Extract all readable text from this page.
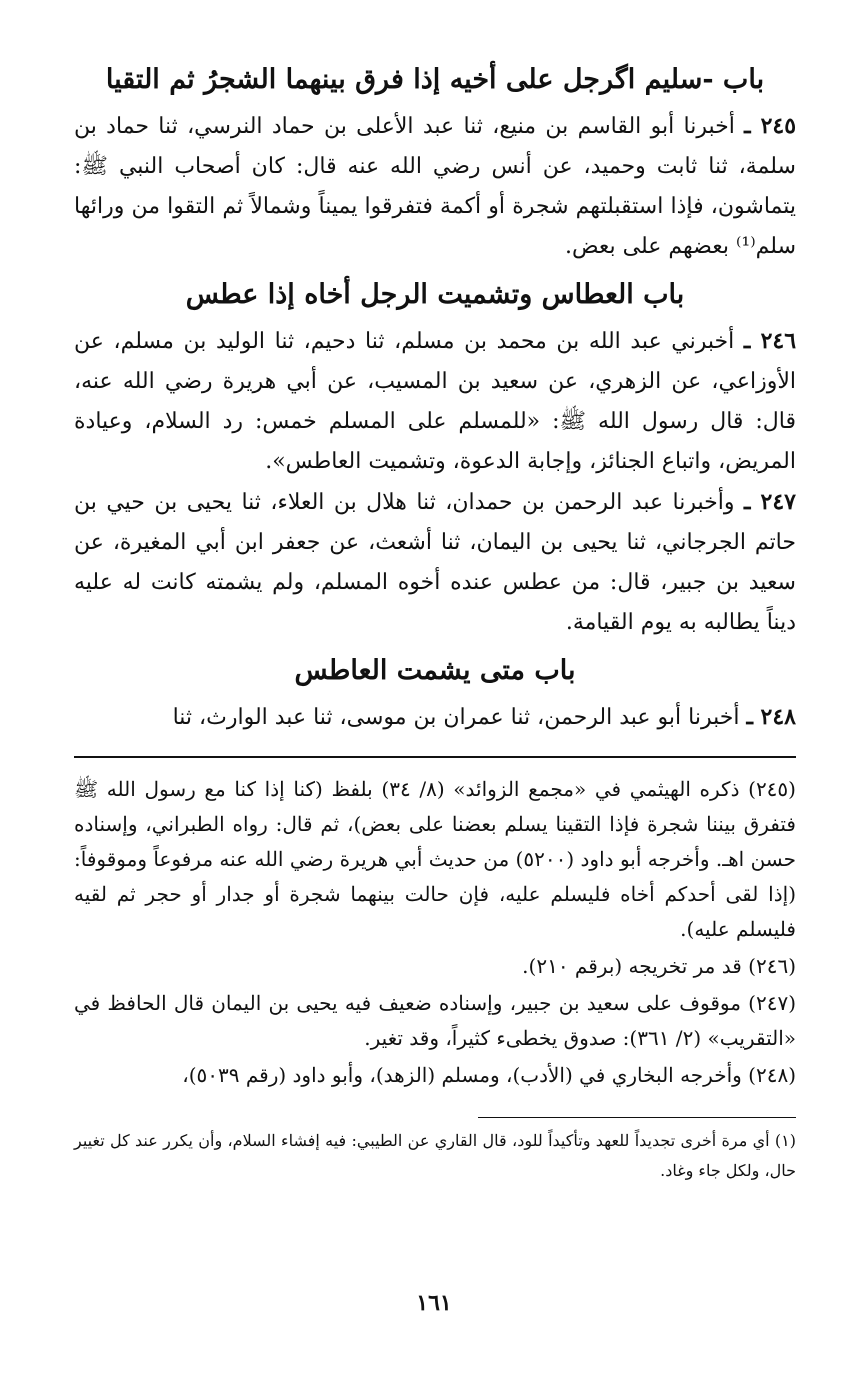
باب -سليم اگرجل على أخيه إذا فرق بينهما الشجرُ ثم التقيا

٢٤٥ ـ أخبرنا أبو القاسم بن منيع، ثنا عبد الأعلى بن حماد النرسي، ثنا حماد بن سلمة، ثنا ثابت وحميد، عن أنس رضي الله عنه قال: كان أصحاب النبي ﷺ: يتماشون، فإذا استقبلتهم شجرة أو أكمة فتفرقوا يميناً وشمالاً ثم التقوا من ورائها سلم⁽¹⁾ بعضهم على بعض.

باب العطاس وتشميت الرجل أخاه إذا عطس

٢٤٦ ـ أخبرني عبد الله بن محمد بن مسلم، ثنا دحيم، ثنا الوليد بن مسلم، عن الأوزاعي، عن الزهري، عن سعيد بن المسيب، عن أبي هريرة رضي الله عنه، قال: قال رسول الله ﷺ: «للمسلم على المسلم خمس: رد السلام، وعيادة المريض، واتباع الجنائز، وإجابة الدعوة، وتشميت العاطس».

٢٤٧ ـ وأخبرنا عبد الرحمن بن حمدان، ثنا هلال بن العلاء، ثنا يحيى بن حيي بن حاتم الجرجاني، ثنا يحيى بن اليمان، ثنا أشعث، عن جعفر ابن أبي المغيرة، عن سعيد بن جبير، قال: من عطس عنده أخوه المسلم، ولم يشمته كانت له عليه ديناً يطالبه به يوم القيامة.

باب متى يشمت العاطس

٢٤٨ ـ أخبرنا أبو عبد الرحمن، ثنا عمران بن موسى، ثنا عبد الوارث، ثنا

(٢٤٥) ذكره الهيثمي في «مجمع الزوائد» (٨/ ٣٤) بلفظ (كنا إذا كنا مع رسول الله ﷺ فتفرق بيننا شجرة فإذا التقينا يسلم بعضنا على بعض)، ثم قال: رواه الطبراني، وإسناده حسن اهـ. وأخرجه أبو داود (٥٢٠٠) من حديث أبي هريرة رضي الله عنه مرفوعاً وموقوفاً: (إذا لقى أحدكم أخاه فليسلم عليه، فإن حالت بينهما شجرة أو جدار أو حجر ثم لقيه فليسلم عليه).

(٢٤٦) قد مر تخريجه (برقم ٢١٠).

(٢٤٧) موقوف على سعيد بن جبير، وإسناده ضعيف فيه يحيى بن اليمان قال الحافظ في «التقريب» (٢/ ٣٦١): صدوق يخطىء كثيراً، وقد تغير.

(٢٤٨) وأخرجه البخاري في (الأدب)، ومسلم (الزهد)، وأبو داود (رقم ٥٠٣٩)،

(١) أي مرة أخرى تجديداً للعهد وتأكيداً للود، قال القاري عن الطيبي: فيه إفشاء السلام، وأن يكرر عند كل تغيير حال، ولكل جاء وغاد.

١٦١
